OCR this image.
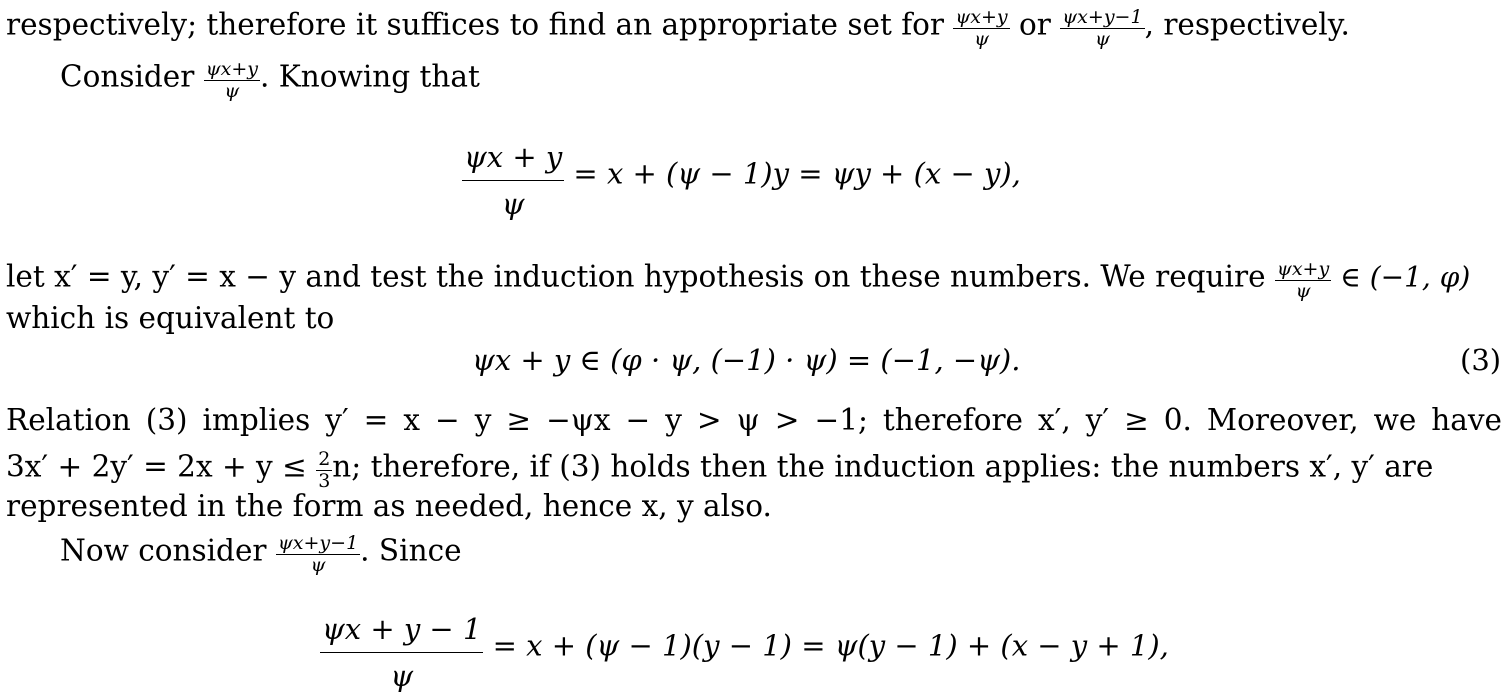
respectively; therefore it suffices to find an appropriate set for $\frac{\psi x+y}{\psi}$ or $\frac{\psi x+y-1}{\psi}$ , respectively.
Consider $\frac{\psi x+y}{\psi}$ . Knowing that
$\frac{\psi x + y}{\psi} = x + (\psi - 1)y = \psi y + (x - y)$,
let x′ = y, y′ = x − y and test the induction hypothesis on these numbers. We require $\frac{\psi x+y}{\psi}$ ∈ (−1, φ)
which is equivalent to
ψx + y ∈ (φ · ψ, (−1) · ψ) = (−1, −ψ).	(3)
Relation (3) implies y′ = x − y ≥ −ψx − y > ψ > −1; therefore x′, y′ ≥ 0. Moreover, we have
$3x' + 2y' = 2x + y \le \frac{2}{3} n$; therefore, if (3) holds then the induction applies: the numbers x′, y′ are
represented in the form as needed, hence x, y also.
Now consider $\frac{\psi x+y-1}{\psi}$ . Since
$\frac{\psi x + y - 1}{\psi} = x + (\psi - 1)(y - 1) = \psi(y - 1) + (x - y + 1)$,
